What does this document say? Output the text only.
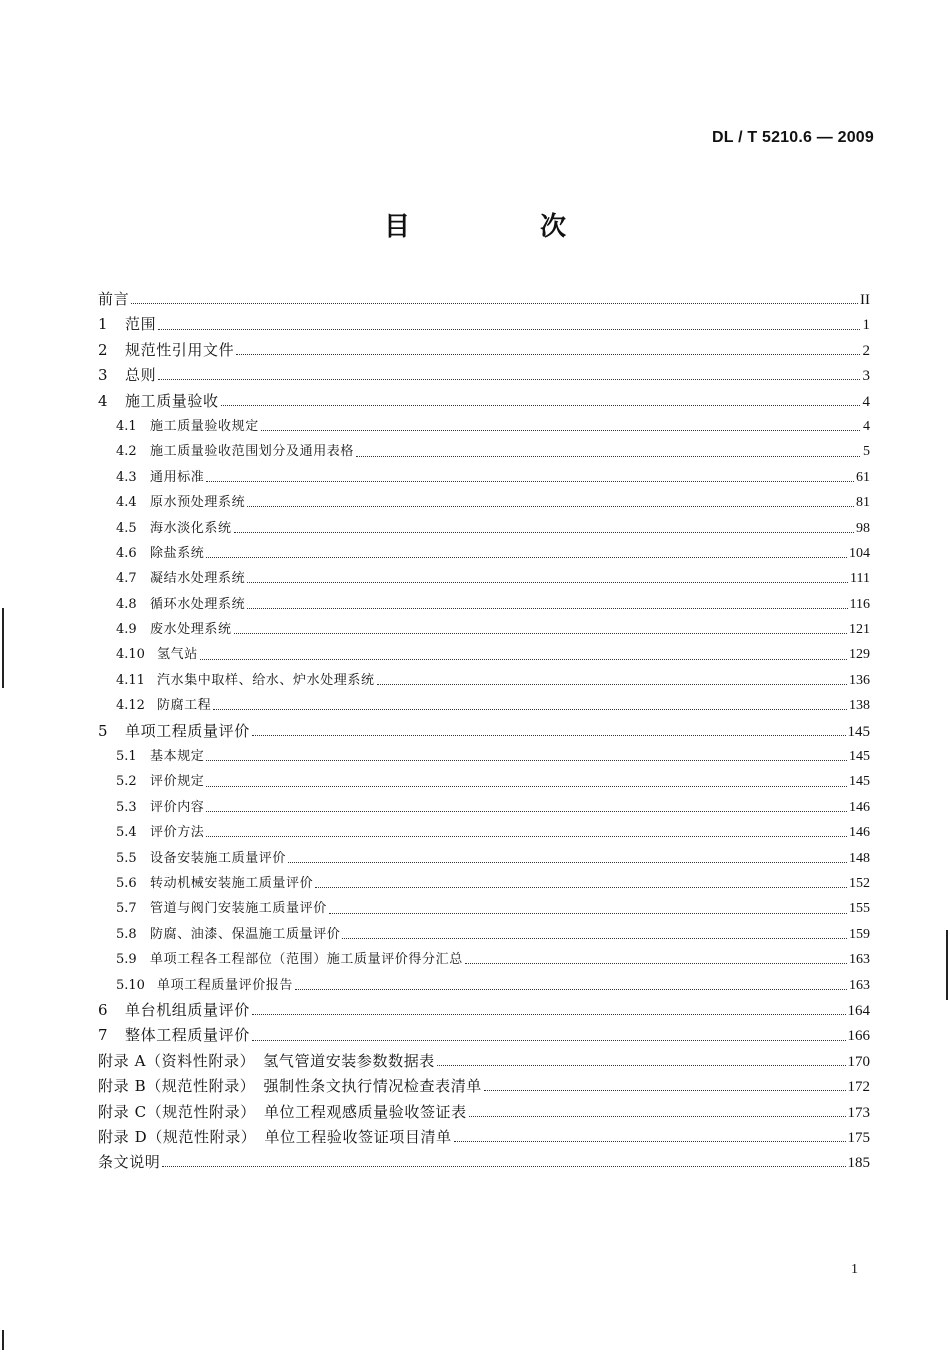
DL / T 5210.6 — 2009
目　次
前言	II
1	范围	1
2	规范性引用文件	2
3	总则	3
4	施工质量验收	4
4.1	施工质量验收规定	4
4.2	施工质量验收范围划分及通用表格	5
4.3	通用标准	61
4.4	原水预处理系统	81
4.5	海水淡化系统	98
4.6	除盐系统	104
4.7	凝结水处理系统	111
4.8	循环水处理系统	116
4.9	废水处理系统	121
4.10 氢气站	129
4.11 汽水集中取样、给水、炉水处理系统	136
4.12 防腐工程	138
5	单项工程质量评价	145
5.1	基本规定	145
5.2	评价规定	145
5.3	评价内容	146
5.4	评价方法	146
5.5	设备安装施工质量评价	148
5.6	转动机械安装施工质量评价	152
5.7	管道与阀门安装施工质量评价	155
5.8	防腐、油漆、保温施工质量评价	159
5.9	单项工程各工程部位（范围）施工质量评价得分汇总	163
5.10 单项工程质量评价报告	163
6	单台机组质量评价	164
7	整体工程质量评价	166
附录 A（资料性附录）　氢气管道安装参数数据表	170
附录 B（规范性附录）　强制性条文执行情况检查表清单	172
附录 C（规范性附录）　单位工程观感质量验收签证表	173
附录 D（规范性附录）　单位工程验收签证项目清单	175
条文说明	185
1
